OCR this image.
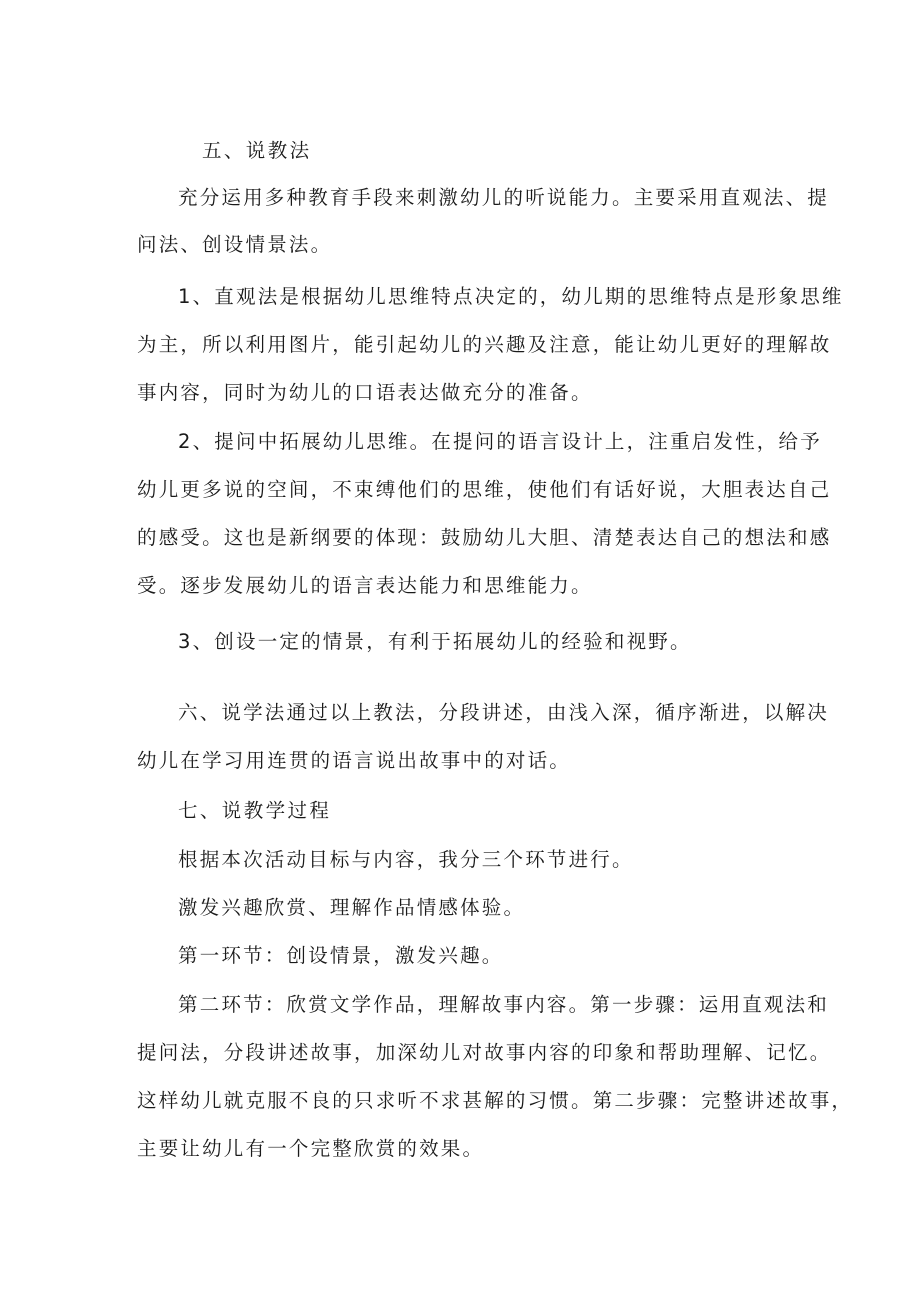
五、说教法
充分运用多种教育手段来刺激幼儿的听说能力。主要采用直观法、提
问法、创设情景法。
1、直观法是根据幼儿思维特点决定的，幼儿期的思维特点是形象思维
为主，所以利用图片，能引起幼儿的兴趣及注意，能让幼儿更好的理解故
事内容，同时为幼儿的口语表达做充分的准备。
2、提问中拓展幼儿思维。在提问的语言设计上，注重启发性，给予
幼儿更多说的空间，不束缚他们的思维，使他们有话好说，大胆表达自己
的感受。这也是新纲要的体现：鼓励幼儿大胆、清楚表达自己的想法和感
受。逐步发展幼儿的语言表达能力和思维能力。
3、创设一定的情景，有利于拓展幼儿的经验和视野。
六、说学法通过以上教法，分段讲述，由浅入深，循序渐进，以解决
幼儿在学习用连贯的语言说出故事中的对话。
七、说教学过程
根据本次活动目标与内容，我分三个环节进行。
激发兴趣欣赏、理解作品情感体验。
第一环节：创设情景，激发兴趣。
第二环节：欣赏文学作品，理解故事内容。第一步骤：运用直观法和
提问法，分段讲述故事，加深幼儿对故事内容的印象和帮助理解、记忆。
这样幼儿就克服不良的只求听不求甚解的习惯。第二步骤：完整讲述故事，
主要让幼儿有一个完整欣赏的效果。
